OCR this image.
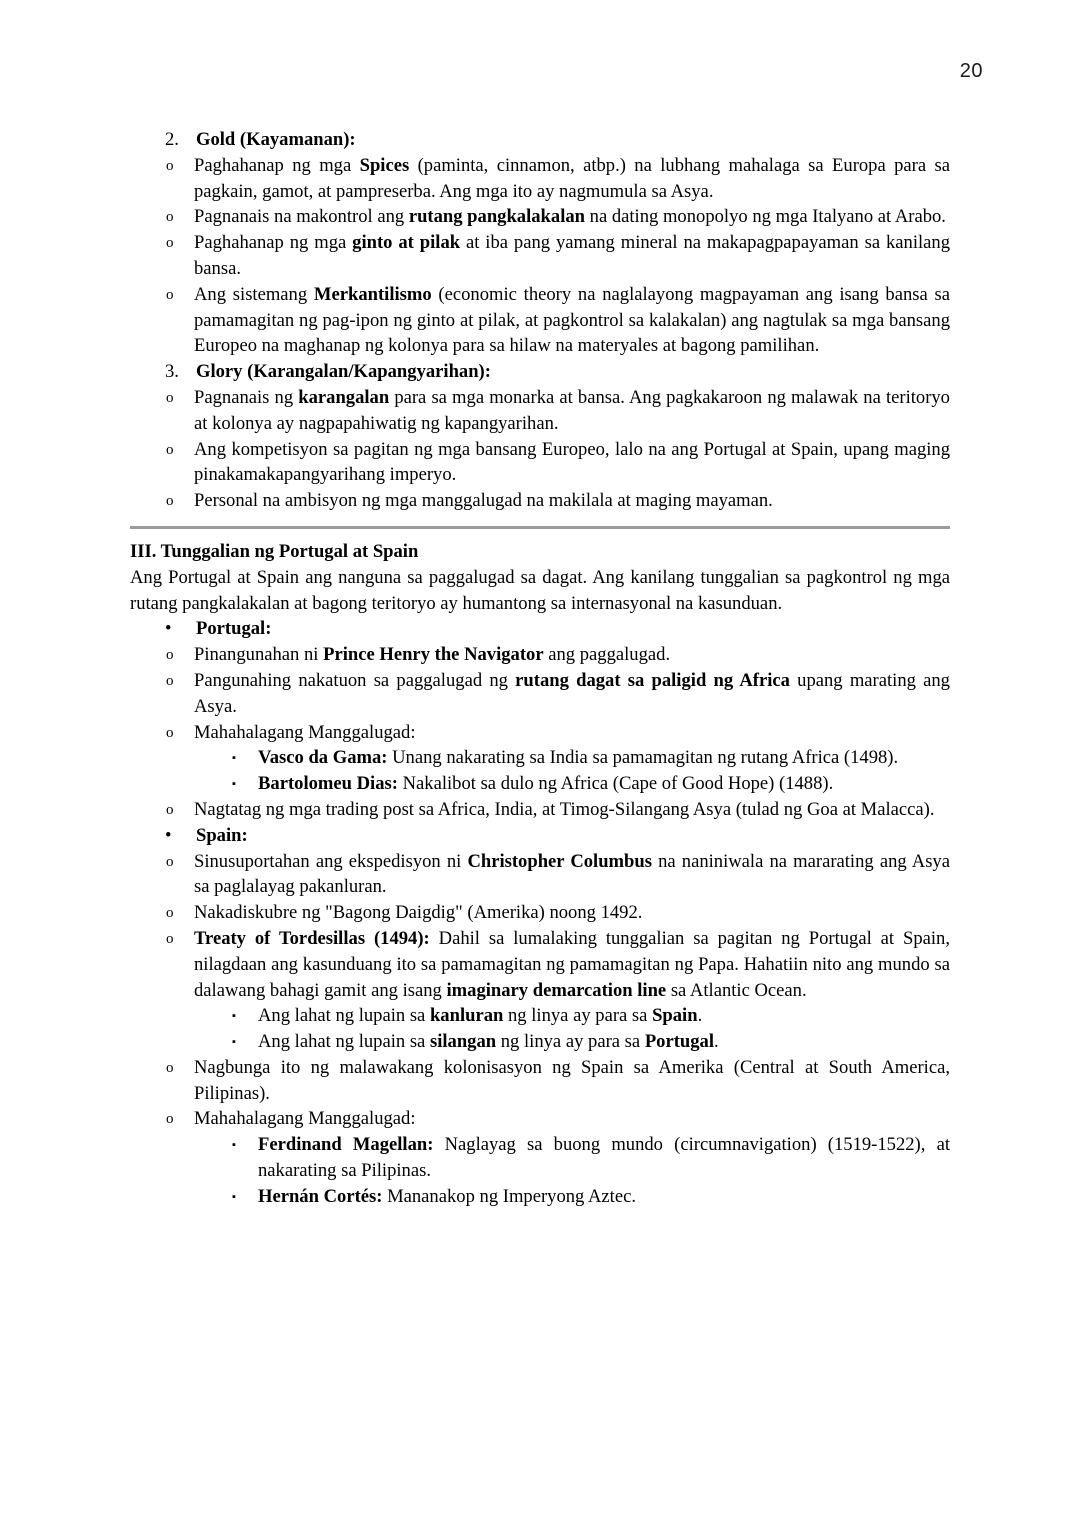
20
2. Gold (Kayamanan):
o	Paghahanap ng mga Spices (paminta, cinnamon, atbp.) na lubhang mahalaga sa Europa para sa pagkain, gamot, at pampreserba. Ang mga ito ay nagmumula sa Asya.
o	Pagnanais na makontrol ang rutang pangkalakalan na dating monopolyo ng mga Italyano at Arabo.
o	Paghahanap ng mga ginto at pilak at iba pang yamang mineral na makapagpapayaman sa kanilang bansa.
o	Ang sistemang Merkantilismo (economic theory na naglalayong magpayaman ang isang bansa sa pamamagitan ng pag-ipon ng ginto at pilak, at pagkontrol sa kalakalan) ang nagtulak sa mga bansang Europeo na maghanap ng kolonya para sa hilaw na materyales at bagong pamilihan.
3. Glory (Karangalan/Kapangyarihan):
o	Pagnanais ng karangalan para sa mga monarka at bansa. Ang pagkakaroon ng malawak na teritoryo at kolonya ay nagpapahiwatig ng kapangyarihan.
o	Ang kompetisyon sa pagitan ng mga bansang Europeo, lalo na ang Portugal at Spain, upang maging pinakamakapangyarihang imperyo.
o	Personal na ambisyon ng mga manggalugad na makilala at maging mayaman.
III. Tunggalian ng Portugal at Spain
Ang Portugal at Spain ang nanguna sa paggalugad sa dagat. Ang kanilang tunggalian sa pagkontrol ng mga rutang pangkalakalan at bagong teritoryo ay humantong sa internasyonal na kasunduan.
•	Portugal:
o	Pinangunahan ni Prince Henry the Navigator ang paggalugad.
o	Pangunahing nakatuon sa paggalugad ng rutang dagat sa paligid ng Africa upang marating ang Asya.
o	Mahahalagang Manggalugad:
▪	Vasco da Gama: Unang nakarating sa India sa pamamagitan ng rutang Africa (1498).
▪	Bartolomeu Dias: Nakalibot sa dulo ng Africa (Cape of Good Hope) (1488).
o	Nagtatag ng mga trading post sa Africa, India, at Timog-Silangang Asya (tulad ng Goa at Malacca).
•	Spain:
o	Sinusuportahan ang ekspedisyon ni Christopher Columbus na naniniwala na mararating ang Asya sa paglalayag pakanluran.
o	Nakadiskubre ng "Bagong Daigdig" (Amerika) noong 1492.
o	Treaty of Tordesillas (1494): Dahil sa lumalaking tunggalian sa pagitan ng Portugal at Spain, nilagdaan ang kasunduang ito sa pamamagitan ng pamamagitan ng Papa. Hahatiin nito ang mundo sa dalawang bahagi gamit ang isang imaginary demarcation line sa Atlantic Ocean.
▪	Ang lahat ng lupain sa kanluran ng linya ay para sa Spain.
▪	Ang lahat ng lupain sa silangan ng linya ay para sa Portugal.
o	Nagbunga ito ng malawakang kolonisasyon ng Spain sa Amerika (Central at South America, Pilipinas).
o	Mahahalagang Manggalugad:
▪	Ferdinand Magellan: Naglayag sa buong mundo (circumnavigation) (1519-1522), at nakarating sa Pilipinas.
▪	Hernán Cortés: Mananakop ng Imperyong Aztec.
